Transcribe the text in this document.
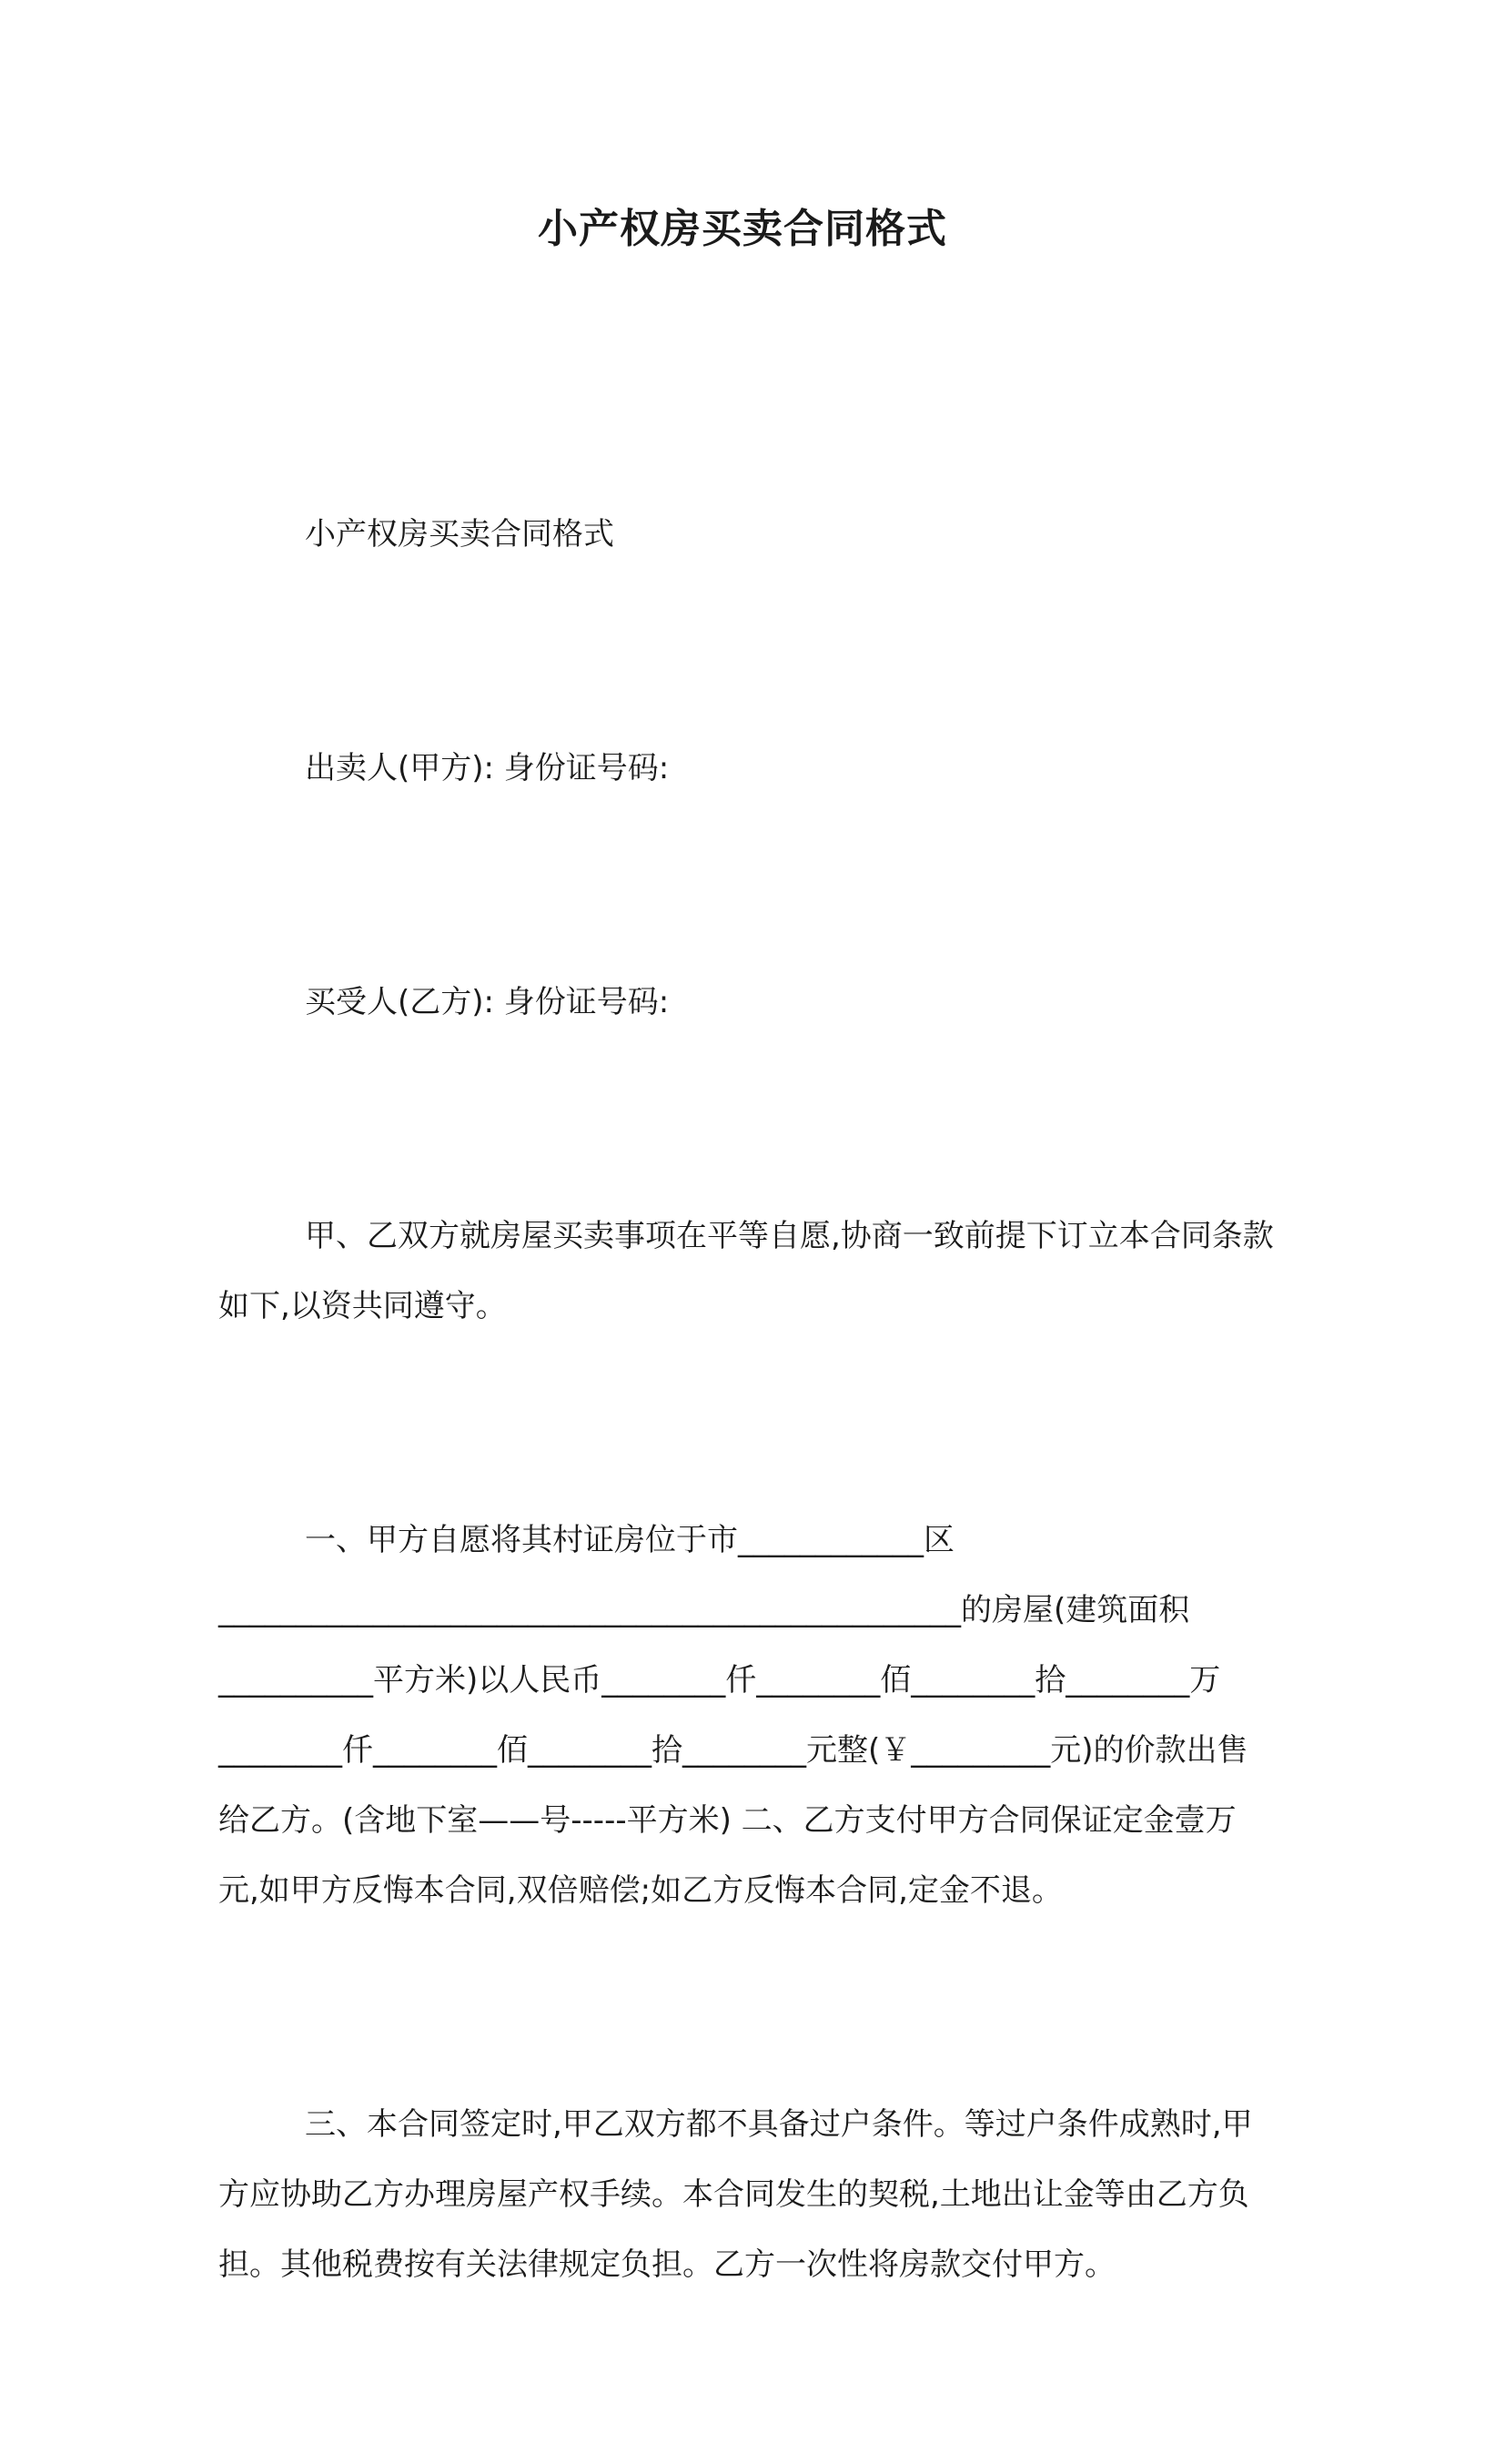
小产权房买卖合同格式

小产权房买卖合同格式

出卖人(甲方): 身份证号码:

买受人(乙方): 身份证号码:

甲、乙双方就房屋买卖事项在平等自愿,协商一致前提下订立本合同条款如下,以资共同遵守。

一、甲方自愿将其村证房位于市____________区________________________________________________的房屋(建筑面积__________平方米)以人民币________仟________佰________拾________万________仟________佰________拾________元整(￥_________元)的价款出售给乙方。(含地下室——号-----平方米) 二、乙方支付甲方合同保证定金壹万元,如甲方反悔本合同,双倍赔偿;如乙方反悔本合同,定金不退。

三、本合同签定时,甲乙双方都不具备过户条件。等过户条件成熟时,甲方应协助乙方办理房屋产权手续。本合同发生的契税,土地出让金等由乙方负担。其他税费按有关法律规定负担。乙方一次性将房款交付甲方。
